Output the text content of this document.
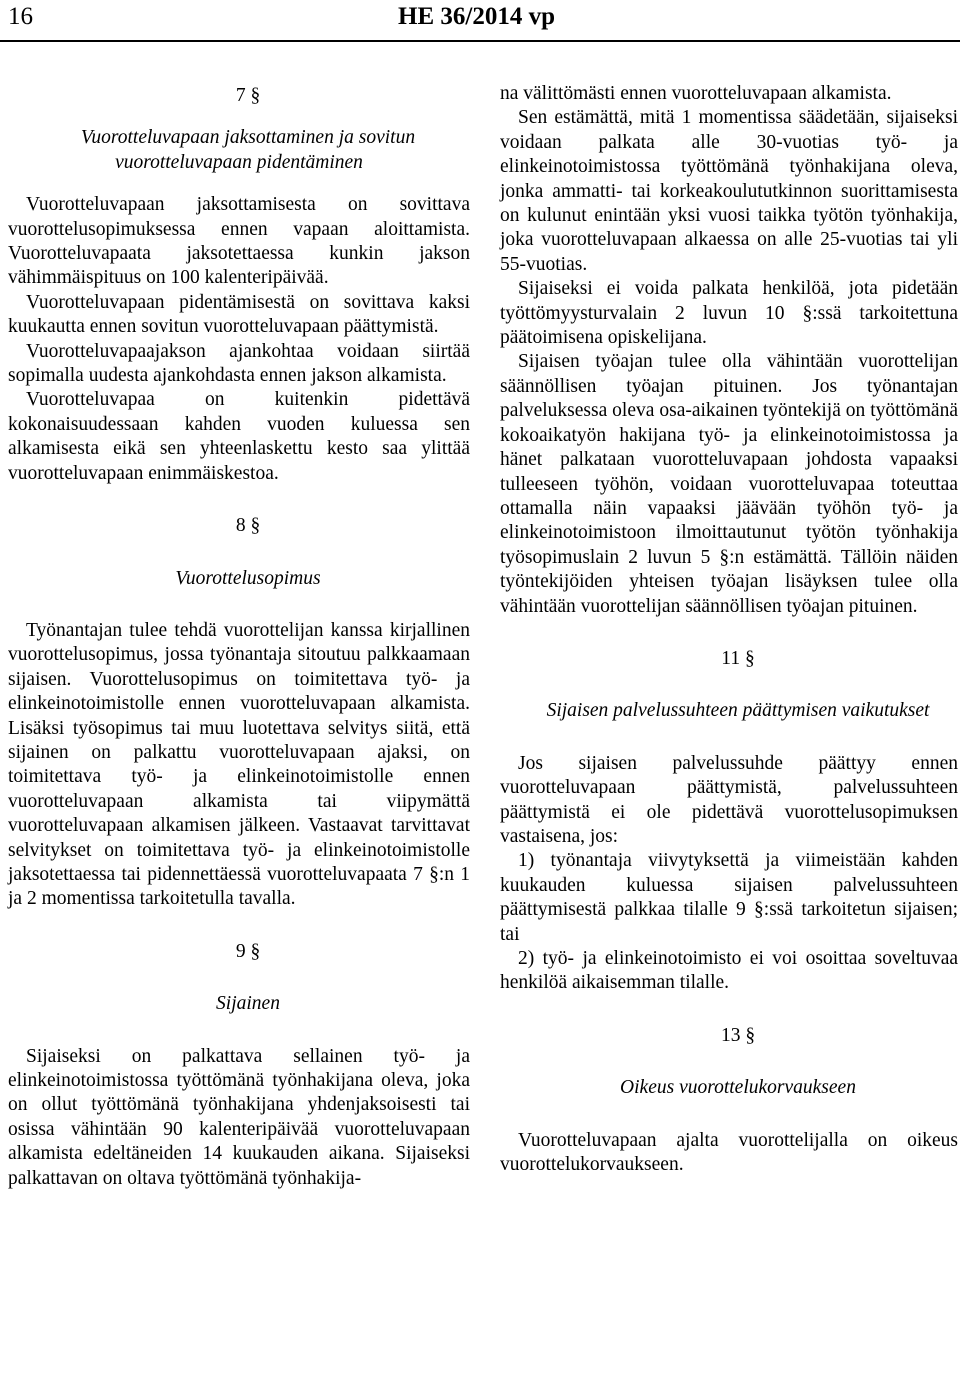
16	HE 36/2014 vp

7 §

Vuorotteluvapaan jaksottaminen ja sovitun vuorotteluvapaan pidentäminen

Vuorotteluvapaan jaksottamisesta on sovittava vuorottelusopimuksessa ennen vapaan aloittamista. Vuorotteluvapaata jaksotettaessa kunkin jakson vähimmäispituus on 100 kalenteripäivää.

Vuorotteluvapaan pidentämisestä on sovittava kaksi kuukautta ennen sovitun vuorotteluvapaan päättymistä.

Vuorotteluvapaajakson ajankohtaa voidaan siirtää sopimalla uudesta ajankohdasta ennen jakson alkamista.

Vuorotteluvapaa on kuitenkin pidettävä kokonaisuudessaan kahden vuoden kuluessa sen alkamisesta eikä sen yhteenlaskettu kesto saa ylittää vuorotteluvapaan enimmäiskestoa.

8 §

Vuorottelusopimus

Työnantajan tulee tehdä vuorottelijan kanssa kirjallinen vuorottelusopimus, jossa työnantaja sitoutuu palkkaamaan sijaisen. Vuorottelusopimus on toimitettava työ- ja elinkeinotoimistolle ennen vuorotteluvapaan alkamista. Lisäksi työsopimus tai muu luotettava selvitys siitä, että sijainen on palkattu vuorotteluvapaan ajaksi, on toimitettava työ- ja elinkeinotoimistolle ennen vuorotteluvapaan alkamista tai viipymättä vuorotteluvapaan alkamisen jälkeen. Vastaavat tarvittavat selvitykset on toimitettava työ- ja elinkeinotoimistolle jaksotettaessa tai pidennettäessä vuorotteluvapaata 7 §:n 1 ja 2 momentissa tarkoitetulla tavalla.

9 §

Sijainen

Sijaiseksi on palkattava sellainen työ- ja elinkeinotoimistossa työttömänä työnhakijana oleva, joka on ollut työttömänä työnhakijana yhdenjaksoisesti tai osissa vähintään 90 kalenteripäivää vuorotteluvapaan alkamista edeltäneiden 14 kuukauden aikana. Sijaiseksi palkattavan on oltava työttömänä työnhakija-

na välittömästi ennen vuorotteluvapaan alkamista.

Sen estämättä, mitä 1 momentissa säädetään, sijaiseksi voidaan palkata alle 30-vuotias työ- ja elinkeinotoimistossa työttömänä työnhakijana oleva, jonka ammatti- tai korkeakoulututkinnon suorittamisesta on kulunut enintään yksi vuosi taikka työtön työnhakija, joka vuorotteluvapaan alkaessa on alle 25-vuotias tai yli 55-vuotias.

Sijaiseksi ei voida palkata henkilöä, jota pidetään työttömyysturvalain 2 luvun 10 §:ssä tarkoitettuna päätoimisena opiskelijana.

Sijaisen työajan tulee olla vähintään vuorottelijan säännöllisen työajan pituinen. Jos työnantajan palveluksessa oleva osa-aikainen työntekijä on työttömänä kokoaikatyön hakijana työ- ja elinkeinotoimistossa ja hänet palkataan vuorotteluvapaan johdosta vapaaksi tulleeseen työhön, voidaan vuorotteluvapaa toteuttaa ottamalla näin vapaaksi jäävään työhön työ- ja elinkeinotoimistoon ilmoittautunut työtön työnhakija työsopimuslain 2 luvun 5 §:n estämättä. Tällöin näiden työntekijöiden yhteisen työajan lisäyksen tulee olla vähintään vuorottelijan säännöllisen työajan pituinen.

11 §

Sijaisen palvelussuhteen päättymisen vaikutukset

Jos sijaisen palvelussuhde päättyy ennen vuorotteluvapaan päättymistä, palvelussuhteen päättymistä ei ole pidettävä vuorottelusopimuksen vastaisena, jos:

1) työnantaja viivytyksettä ja viimeistään kahden kuukauden kuluessa sijaisen palvelussuhteen päättymisestä palkkaa tilalle 9 §:ssä tarkoitetun sijaisen; tai

2) työ- ja elinkeinotoimisto ei voi osoittaa soveltuvaa henkilöä aikaisemman tilalle.

13 §

Oikeus vuorottelukorvaukseen

Vuorotteluvapaan ajalta vuorottelijalla on oikeus vuorottelukorvaukseen.
